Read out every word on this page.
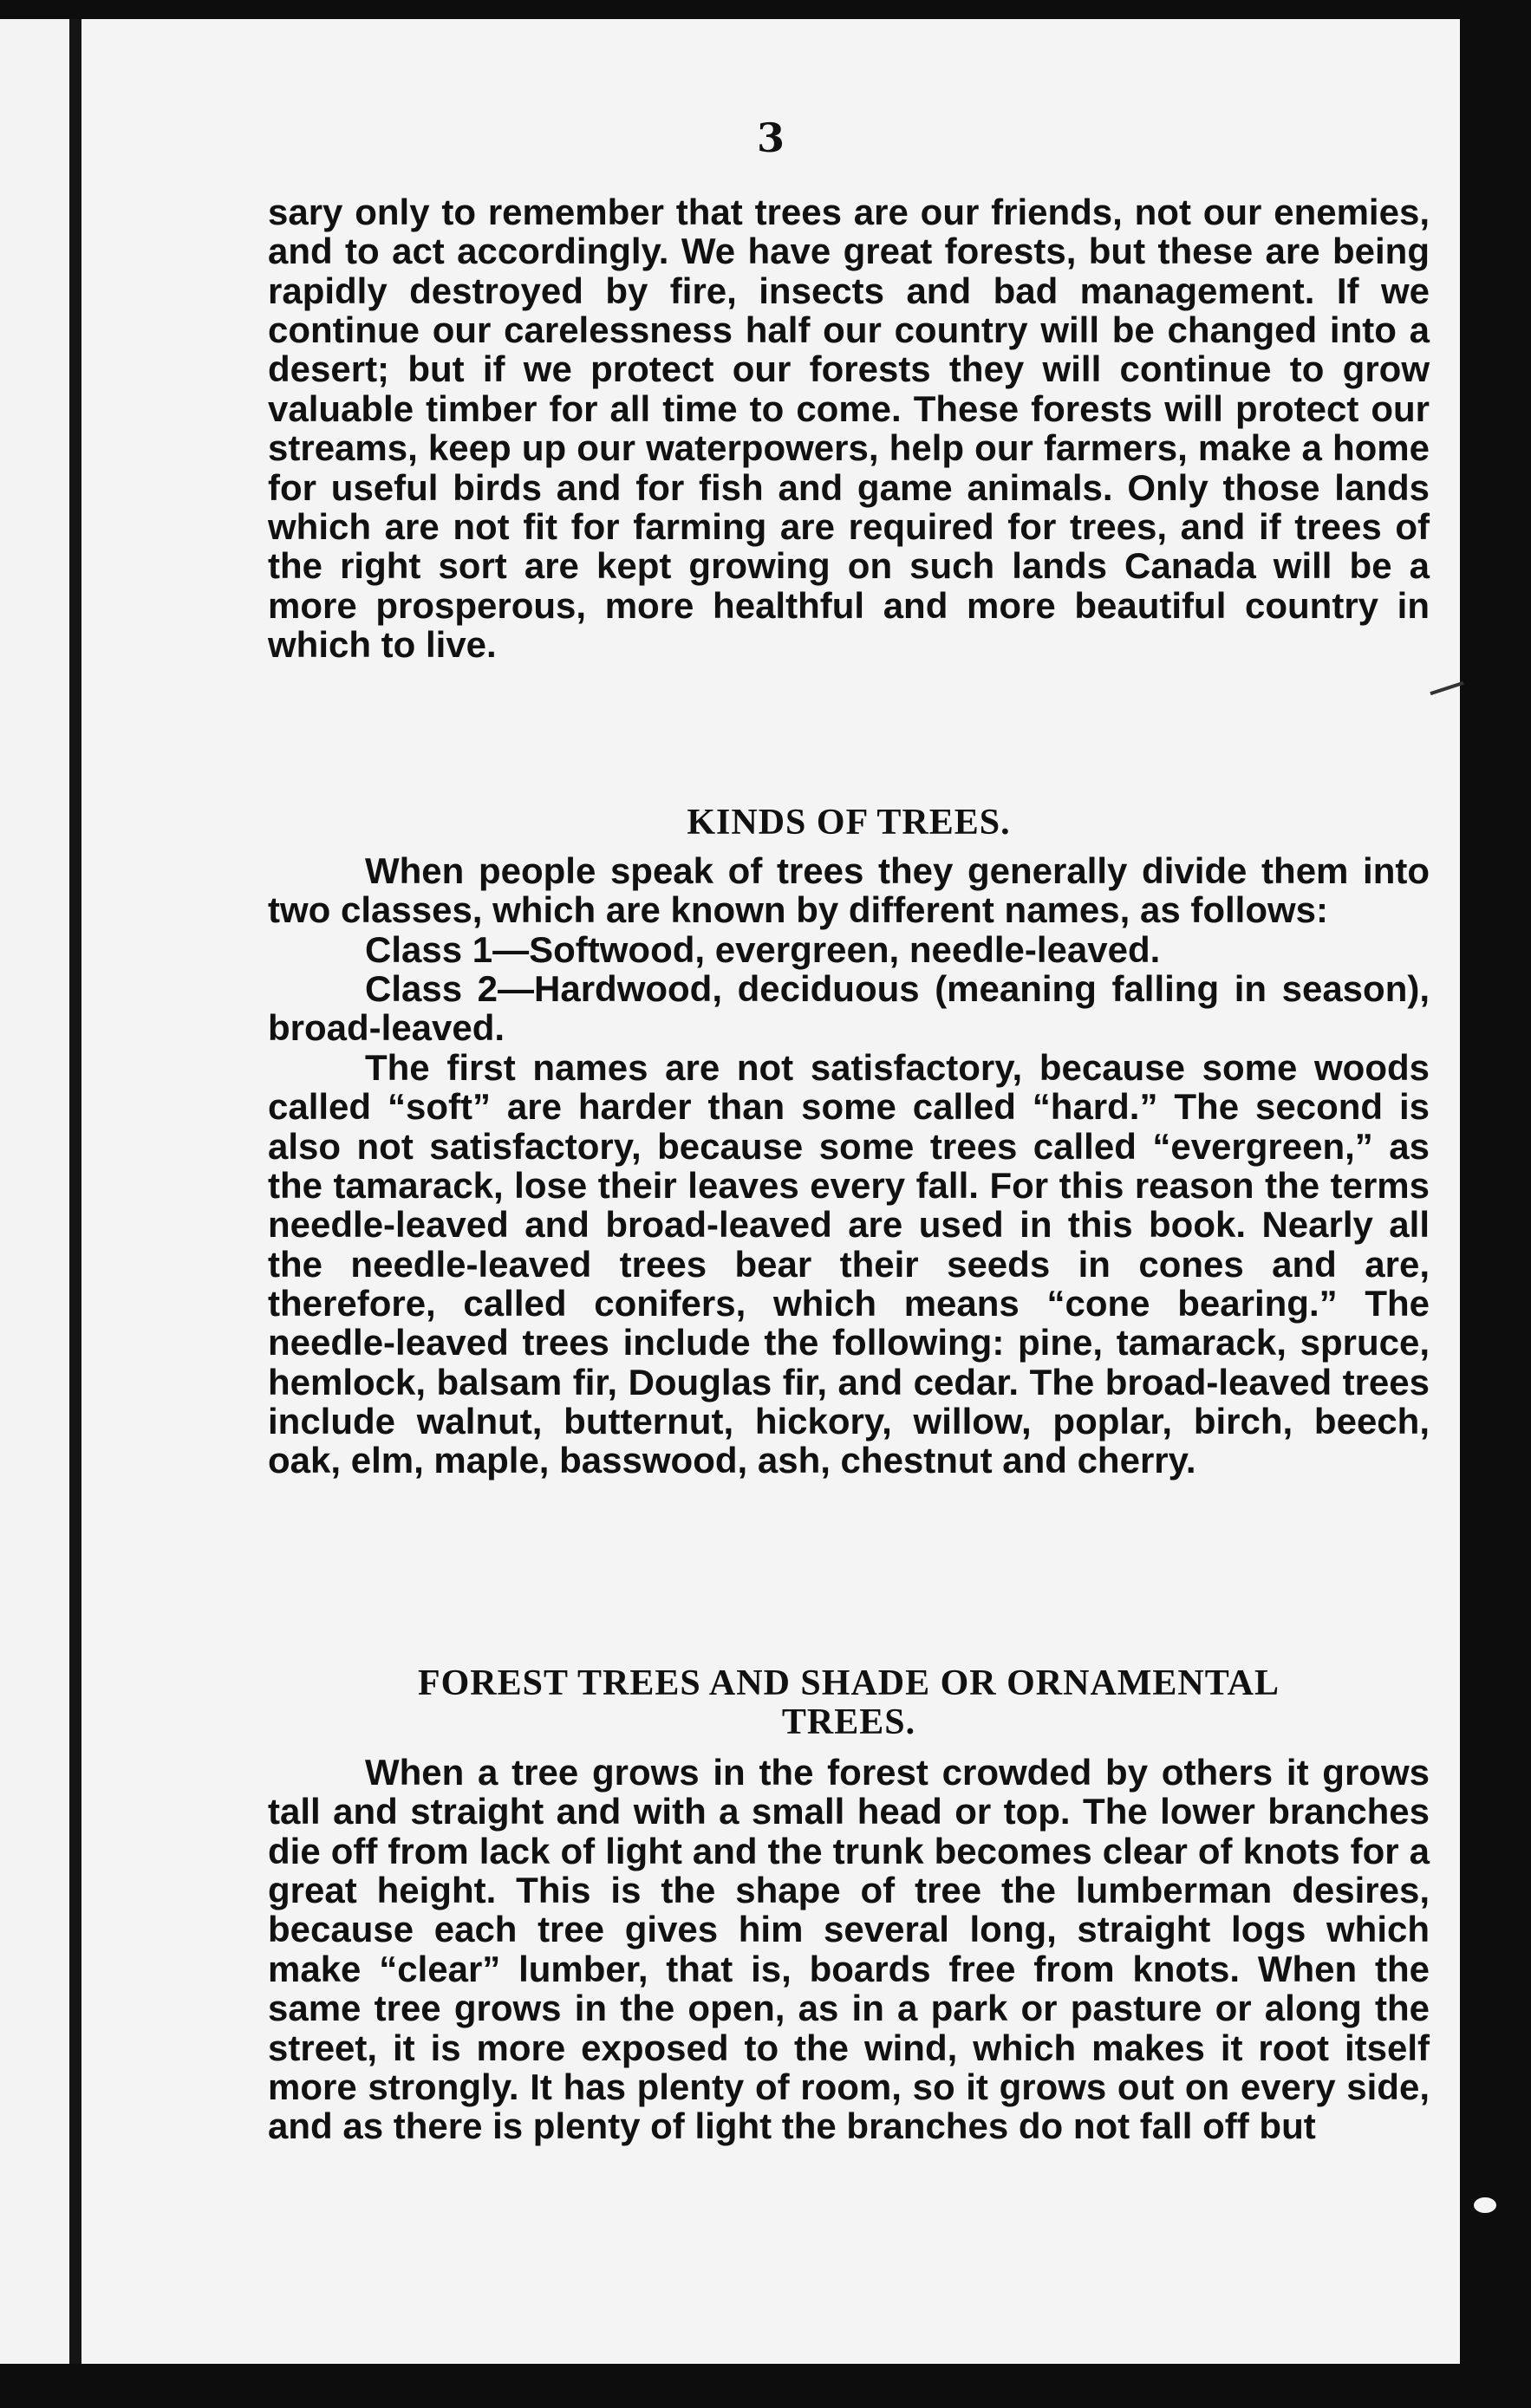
3

sary only to remember that trees are our friends, not our enemies, and to act accordingly. We have great forests, but these are being rapidly destroyed by fire, insects and bad management. If we continue our carelessness half our country will be changed into a desert; but if we protect our forests they will continue to grow valuable timber for all time to come. These forests will protect our streams, keep up our waterpowers, help our farmers, make a home for useful birds and for fish and game animals. Only those lands which are not fit for farming are required for trees, and if trees of the right sort are kept growing on such lands Canada will be a more prosperous, more healthful and more beautiful country in which to live.

KINDS OF TREES.

When people speak of trees they generally divide them into two classes, which are known by different names, as follows:

Class 1—Softwood, evergreen, needle-leaved.

Class 2—Hardwood, deciduous (meaning falling in season), broad-leaved.

The first names are not satisfactory, because some woods called “soft” are harder than some called “hard.” The second is also not satisfactory, because some trees called “evergreen,” as the tamarack, lose their leaves every fall. For this reason the terms needle-leaved and broad-leaved are used in this book. Nearly all the needle-leaved trees bear their seeds in cones and are, therefore, called conifers, which means “cone bearing.” The needle-leaved trees include the following: pine, tamarack, spruce, hemlock, balsam fir, Douglas fir, and cedar. The broad-leaved trees include walnut, butternut, hickory, willow, poplar, birch, beech, oak, elm, maple, basswood, ash, chestnut and cherry.

FOREST TREES AND SHADE OR ORNAMENTAL
TREES.

When a tree grows in the forest crowded by others it grows tall and straight and with a small head or top. The lower branches die off from lack of light and the trunk becomes clear of knots for a great height. This is the shape of tree the lumberman desires, because each tree gives him several long, straight logs which make “clear” lumber, that is, boards free from knots. When the same tree grows in the open, as in a park or pasture or along the street, it is more exposed to the wind, which makes it root itself more strongly. It has plenty of room, so it grows out on every side, and as there is plenty of light the branches do not fall off but
